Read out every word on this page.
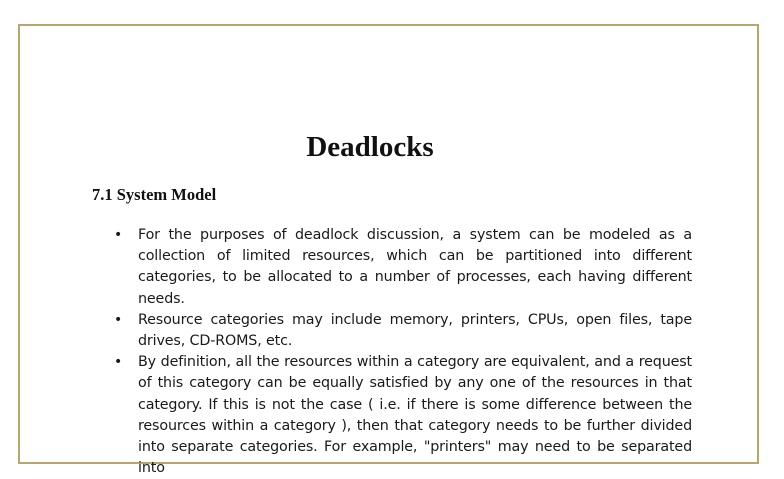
Deadlocks
7.1 System Model
• For the purposes of deadlock discussion, a system can be modeled as a collection of limited resources, which can be partitioned into different categories, to be allocated to a number of processes, each having different needs.
• Resource categories may include memory, printers, CPUs, open files, tape drives, CD-ROMS, etc.
• By definition, all the resources within a category are equivalent, and a request of this category can be equally satisfied by any one of the resources in that category. If this is not the case ( i.e. if there is some difference between the resources within a category ), then that category needs to be further divided into separate categories. For example, "printers" may need to be separated into
